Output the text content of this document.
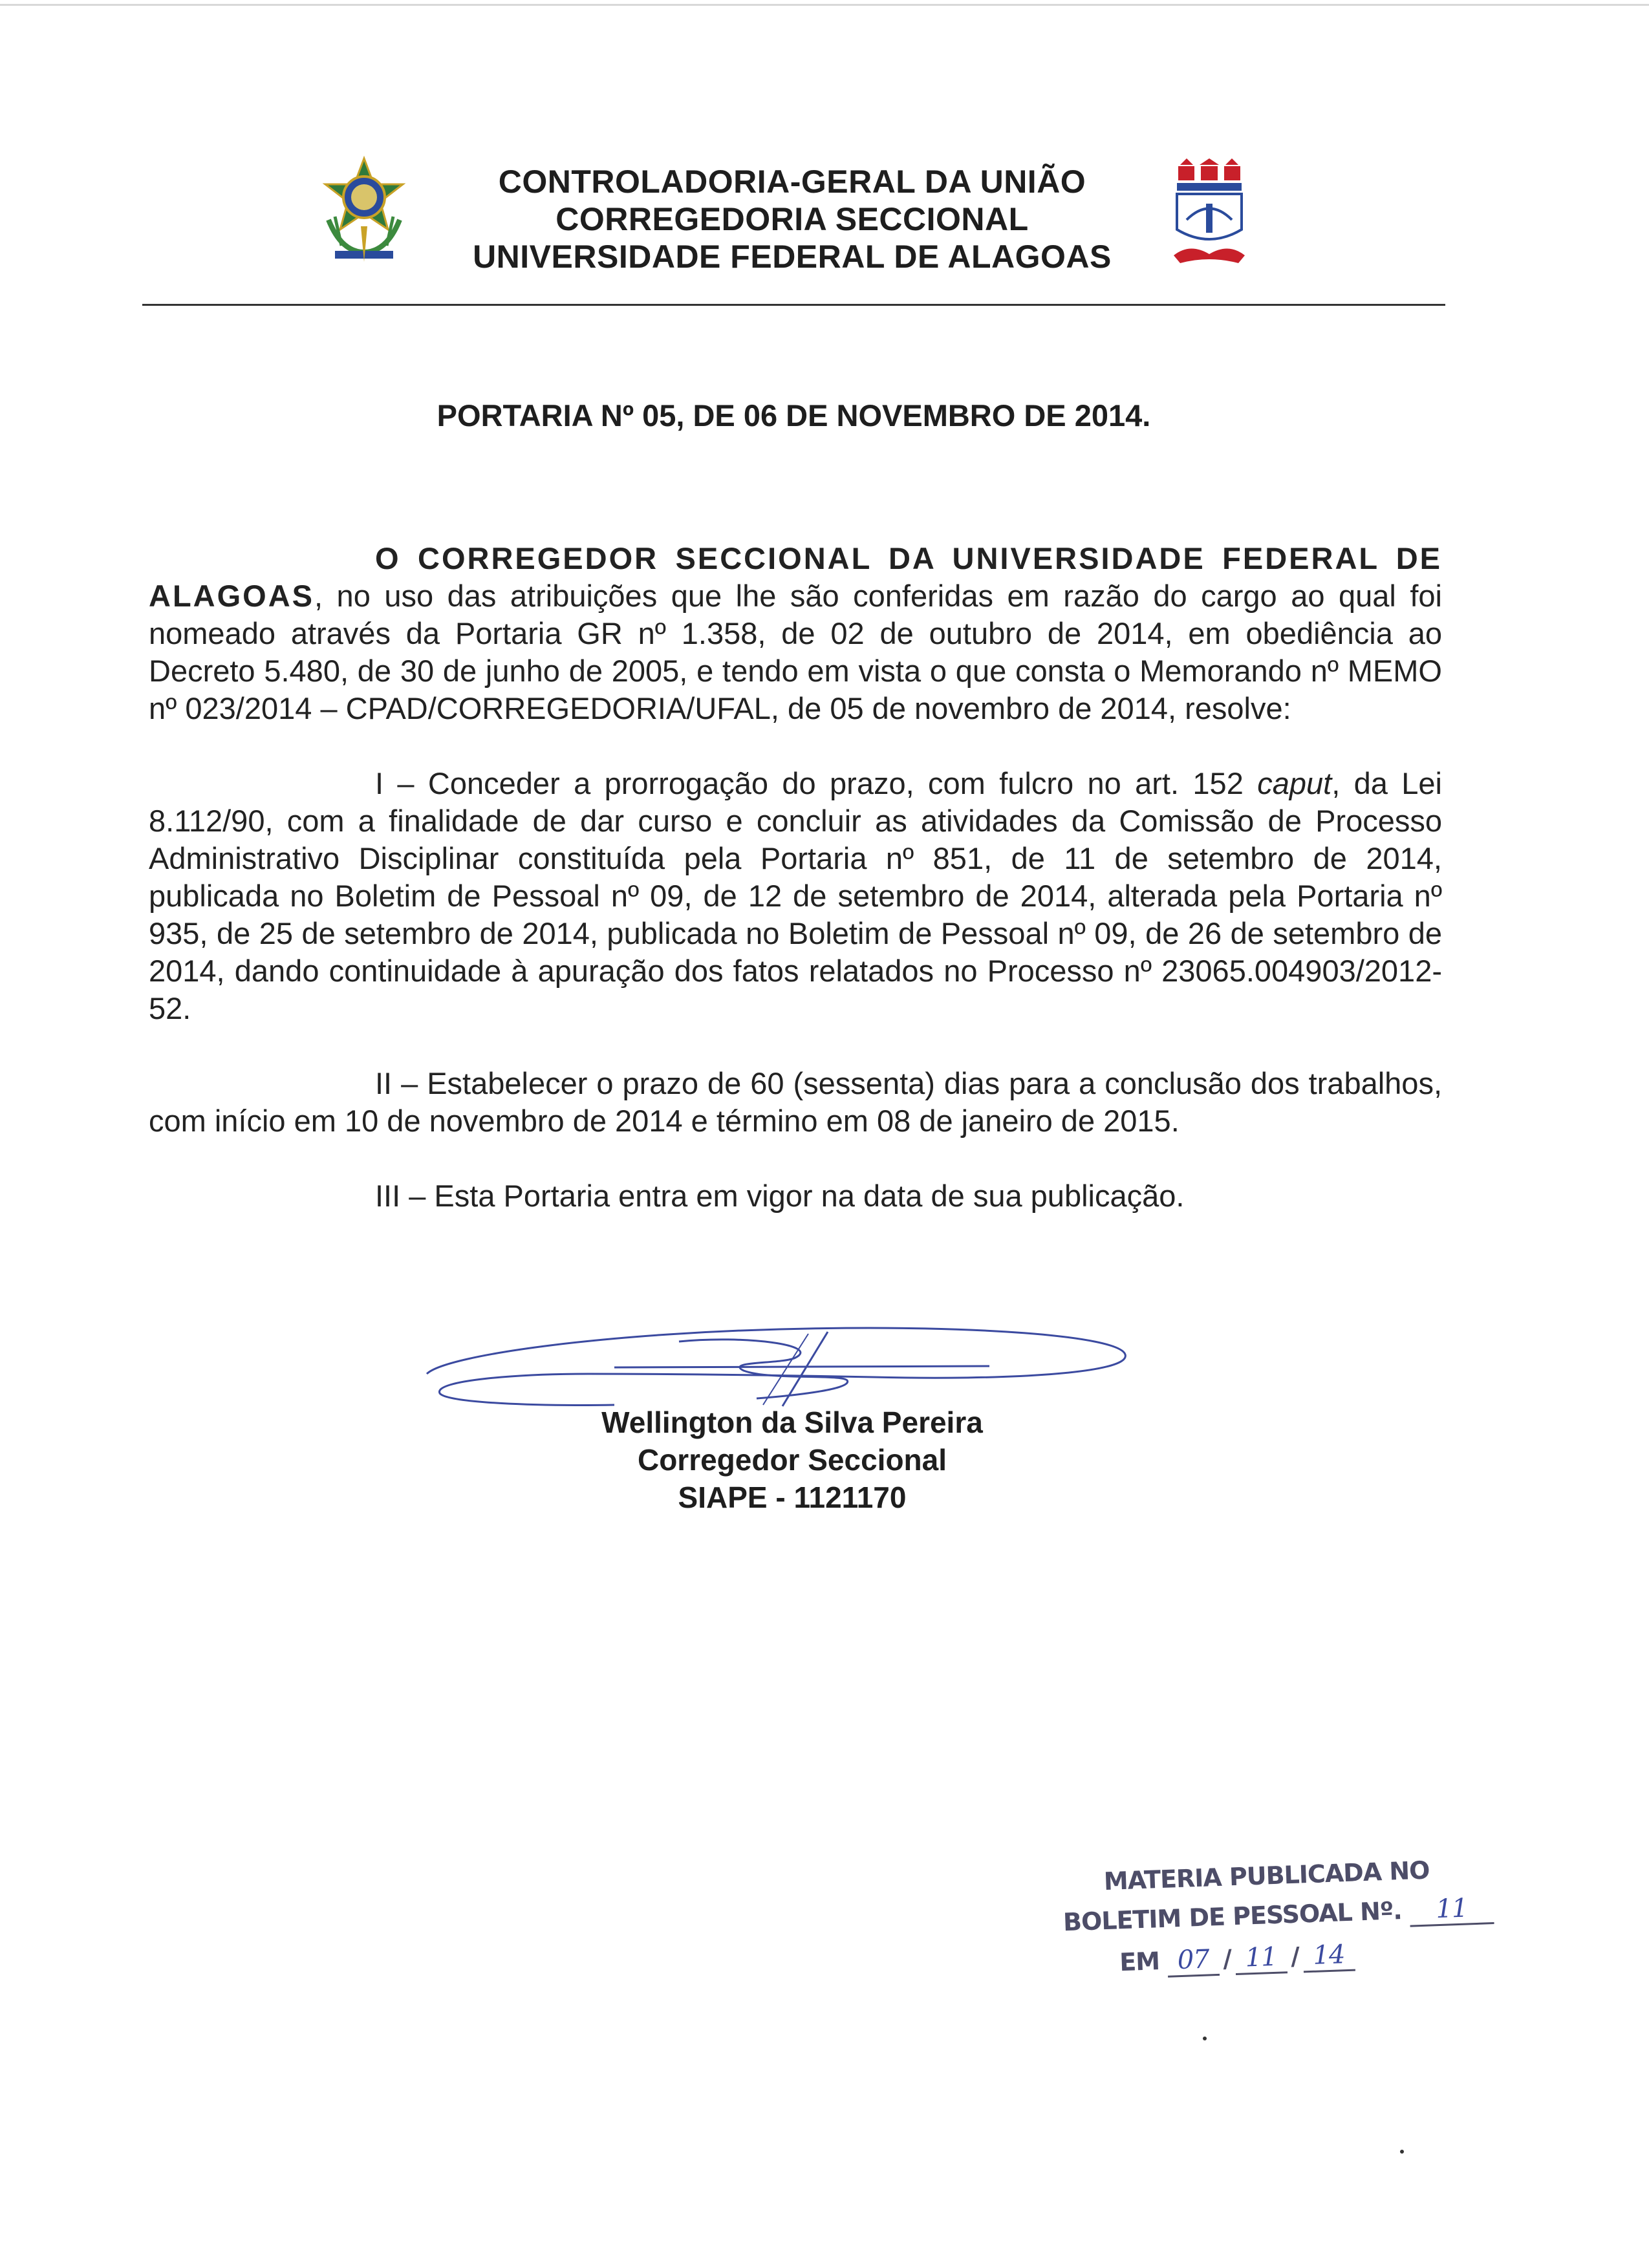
CONTROLADORIA-GERAL DA UNIÃO
CORREGEDORIA SECCIONAL
UNIVERSIDADE FEDERAL DE ALAGOAS
PORTARIA Nº 05, DE 06 DE NOVEMBRO DE 2014.

O CORREGEDOR SECCIONAL DA UNIVERSIDADE FEDERAL DE ALAGOAS, no uso das atribuições que lhe são conferidas em razão do cargo ao qual foi nomeado através da Portaria GR nº 1.358, de 02 de outubro de 2014, em obediência ao Decreto 5.480, de 30 de junho de 2005, e tendo em vista o que consta o Memorando nº MEMO nº 023/2014 – CPAD/CORREGEDORIA/UFAL, de 05 de novembro de 2014, resolve:

I – Conceder a prorrogação do prazo, com fulcro no art. 152 caput, da Lei 8.112/90, com a finalidade de dar curso e concluir as atividades da Comissão de Processo Administrativo Disciplinar constituída pela Portaria nº 851, de 11 de setembro de 2014, publicada no Boletim de Pessoal nº 09, de 12 de setembro de 2014, alterada pela Portaria nº 935, de 25 de setembro de 2014, publicada no Boletim de Pessoal nº 09, de 26 de setembro de 2014, dando continuidade à apuração dos fatos relatados no Processo nº 23065.004903/2012-52.

II – Estabelecer o prazo de 60 (sessenta) dias para a conclusão dos trabalhos, com início em 10 de novembro de 2014 e término em 08 de janeiro de 2015.

III – Esta Portaria entra em vigor na data de sua publicação.

Wellington da Silva Pereira
Corregedor Seccional
SIAPE - 1121170
MATERIA PUBLICADA NO
BOLETIM DE PESSOAL Nº. 11
EM 07 / 11 / 14
